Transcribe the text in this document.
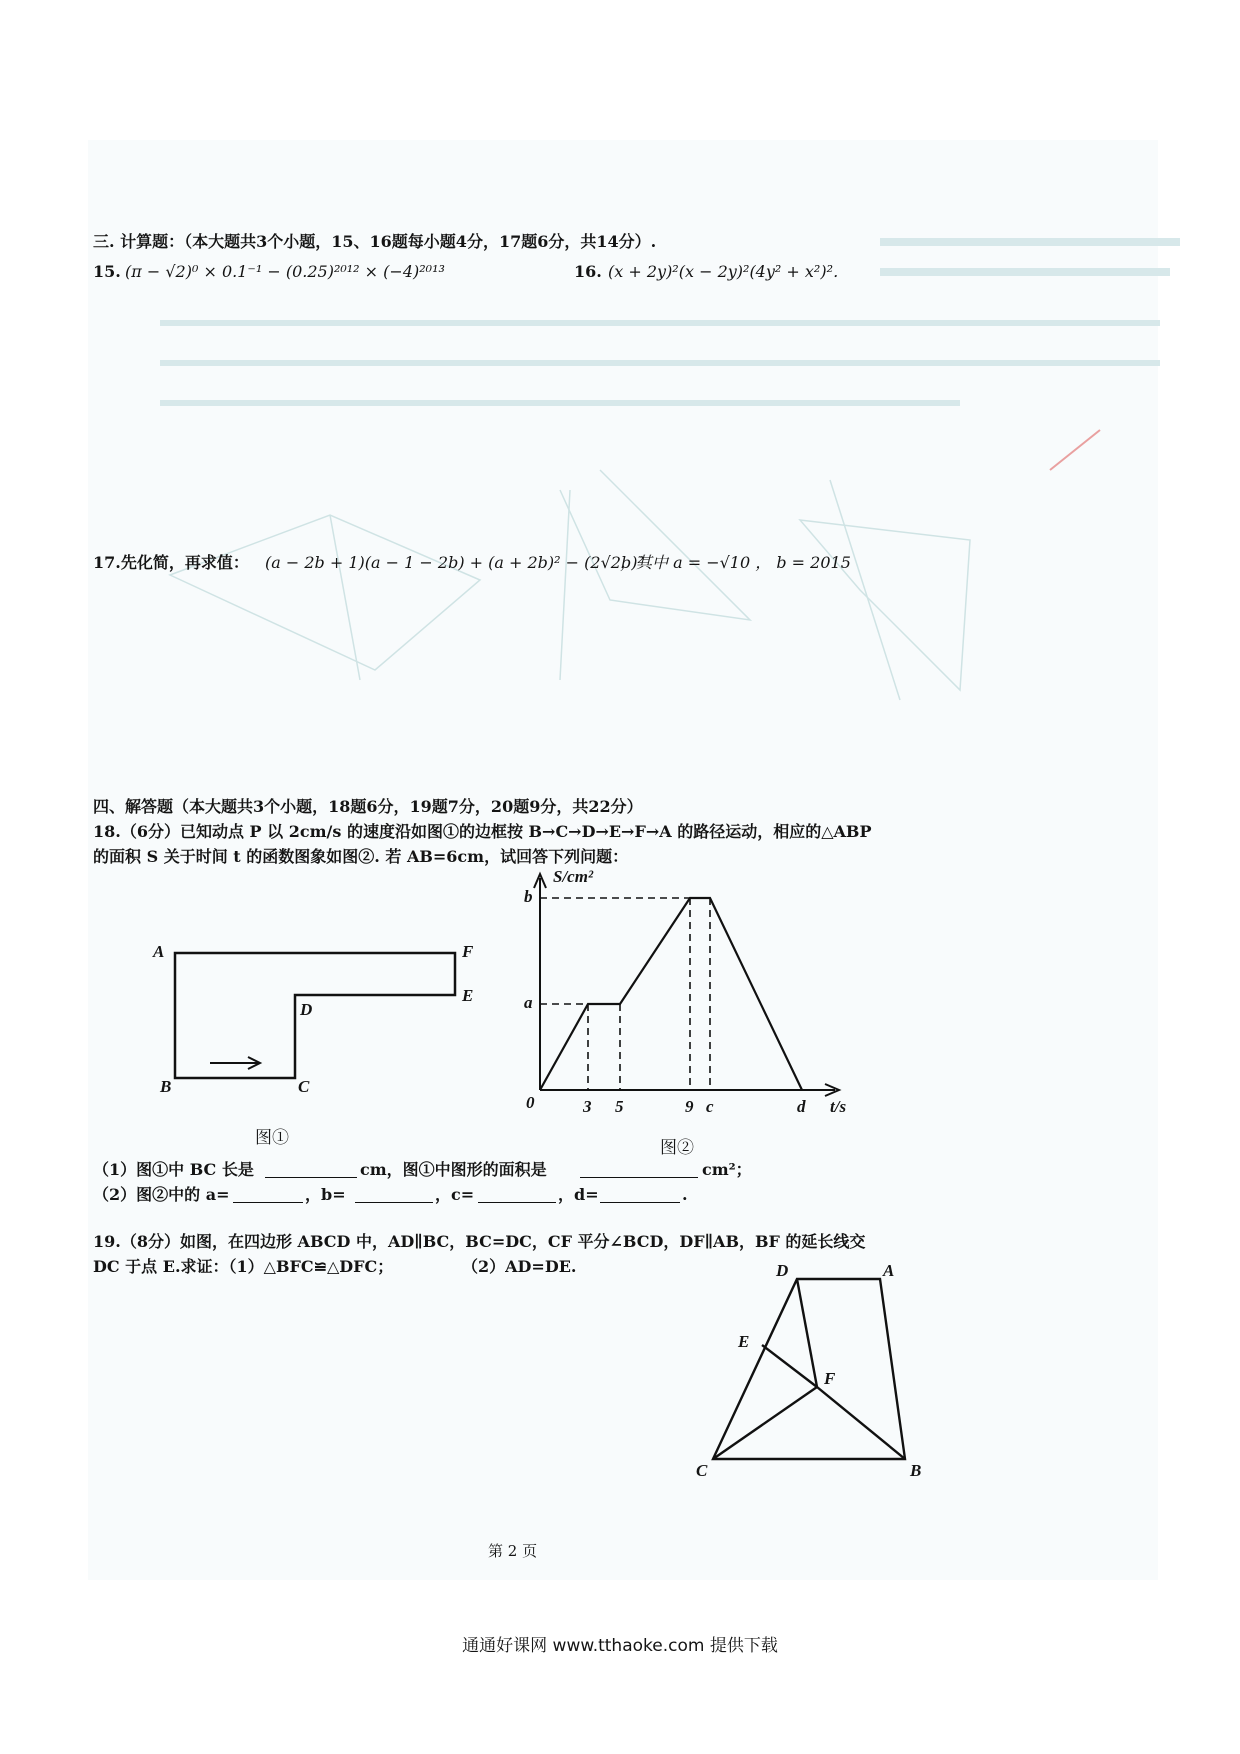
三. 计算题：（本大题共3个小题，15、16题每小题4分，17题6分，共14分）.
15. (π − √2)⁰ × 0.1⁻¹ − (0.25)²⁰¹² × (−4)²⁰¹³	16. (x + 2y)²(x − 2y)²(4y² + x²)²．
17.先化简，再求值： (a − 2b + 1)(a − 1 − 2b) + (a + 2b)² − (2√2b)²
，其中 a = −√10 ， b = 2015
四、解答题（本大题共3个小题，18题6分，19题7分，20题9分，共22分）
18.（6分）已知动点 P 以 2cm/s 的速度沿如图①的边框按 B→C→D→E→F→A 的路径运动，相应的△ABP
的面积 S 关于时间 t 的函数图象如图②. 若 AB=6cm，试回答下列问题：
A	F
E
D
B	C
图①
S/cm²
b
a
0	3 5	9 c	d t/s
图②
（1）图①中 BC 长是	cm，图①中图形的面积是	cm²；
（2）图②中的 a=	，b=	，c=	，d=	.
19.（8分）如图，在四边形 ABCD 中，AD∥BC，BC=DC，CF 平分∠BCD，DF∥AB，BF 的延长线交
DC 于点 E.求证：（1）△BFC≌△DFC；	（2）AD=DE.	D	A
E
F
C	B
第 2 页
通通好课网 www.tthaoke.com 提供下载
